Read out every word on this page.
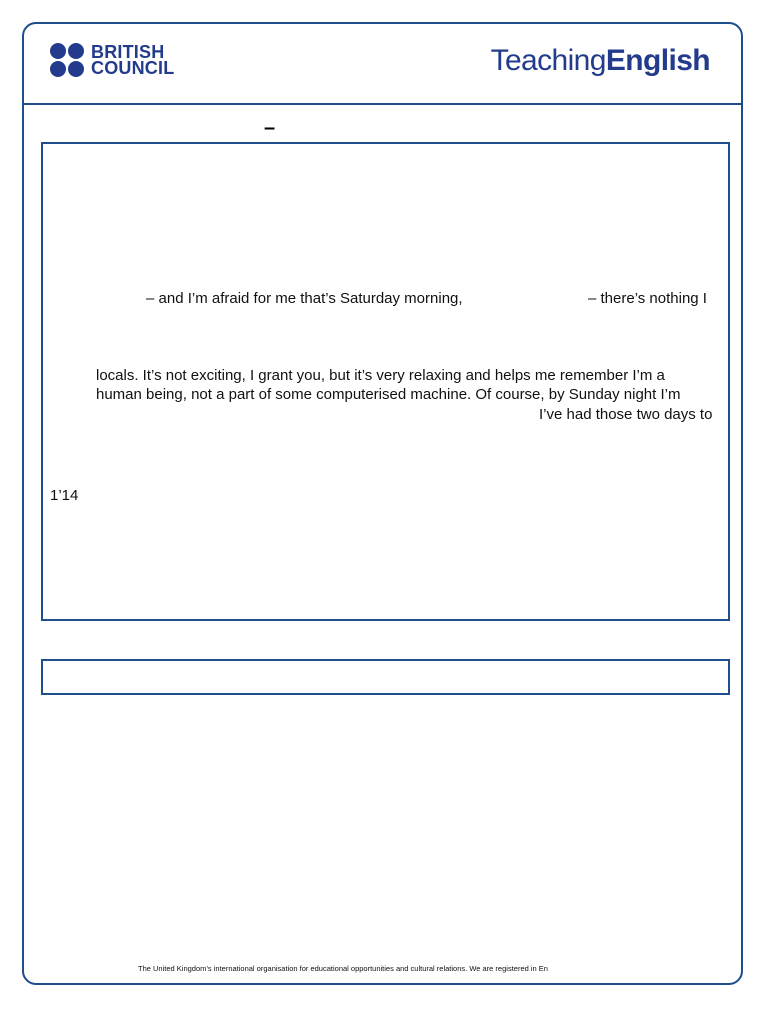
BRITISH
COUNCIL	TeachingEnglish
–
– and I’m afraid for me that’s Saturday morning,	– there’s nothing I
locals. It’s not exciting, I grant you, but it’s very relaxing and helps me remember I’m a
human being, not a part of some computerised machine. Of course, by Sunday night I’m
I’ve had those two days to
1’14
The United Kingdom’s international organisation for educational opportunities and cultural relations. We are registered in En
